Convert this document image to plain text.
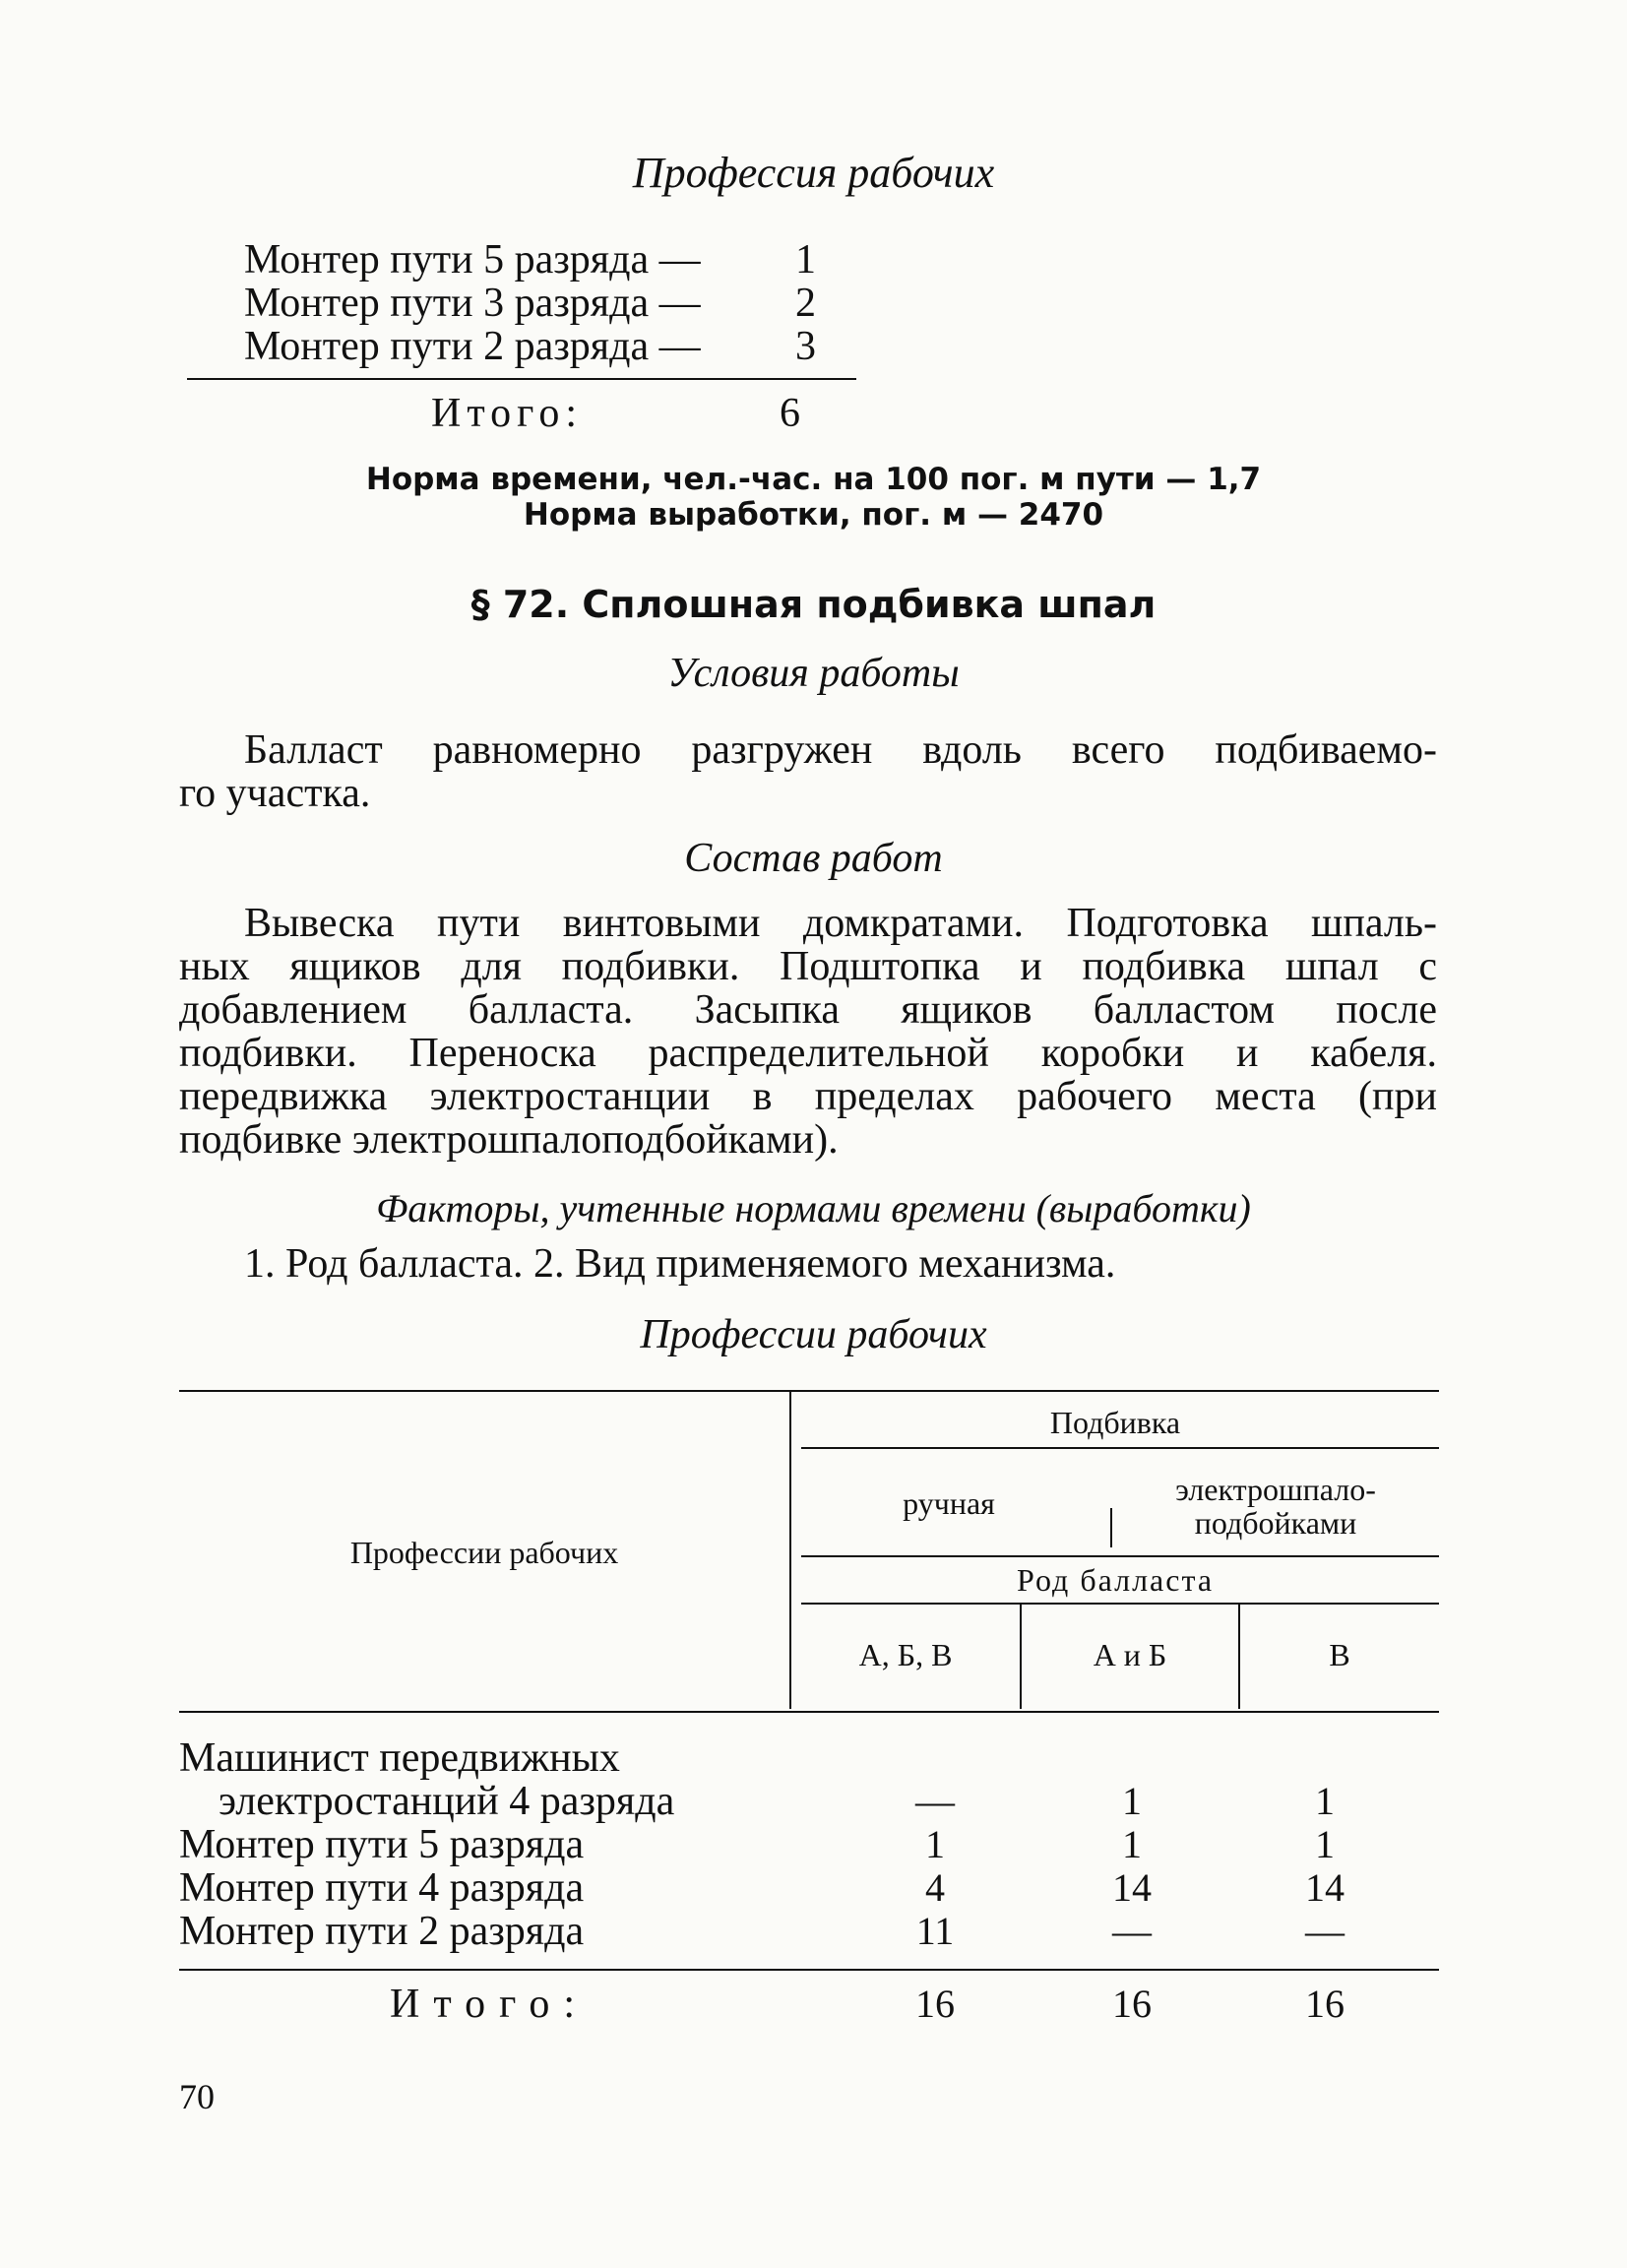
Профессия рабочих
Монтер пути 5 разряда — 1
Монтер пути 3 разряда — 2
Монтер пути 2 разряда — 3
Итого:	6
Норма времени, чел.-час. на 100 пог. м пути — 1,7
Норма выработки, пог. м — 2470
§ 72. Сплошная подбивка шпал
Условия работы
Балласт равномерно разгружен вдоль всего подбиваемо-
го участка.
Состав работ
Вывеска пути винтовыми домкратами. Подготовка шпаль-
ных ящиков для подбивки. Подштопка и подбивка шпал с
добавлением балласта. Засыпка ящиков балластом после
подбивки. Переноска распределительной коробки и кабеля.
передвижка электростанции в пределах рабочего места (при
подбивке электрошпалоподбойками).
Факторы, учтенные нормами времени (выработки)
1. Род балласта. 2. Вид применяемого механизма.
Профессии рабочих
Профессии рабочих
Подбивка
ручная	электрошпало-
подбойками
Род балласта
А, Б, В	А и Б	В
Машинист передвижных
электростанций 4 разряда	—	1	1
Монтер пути 5 разряда	1	1	1
Монтер пути 4 разряда	4	14	14
Монтер пути 2 разряда	11	—	—
Итого:	16	16	16
70
